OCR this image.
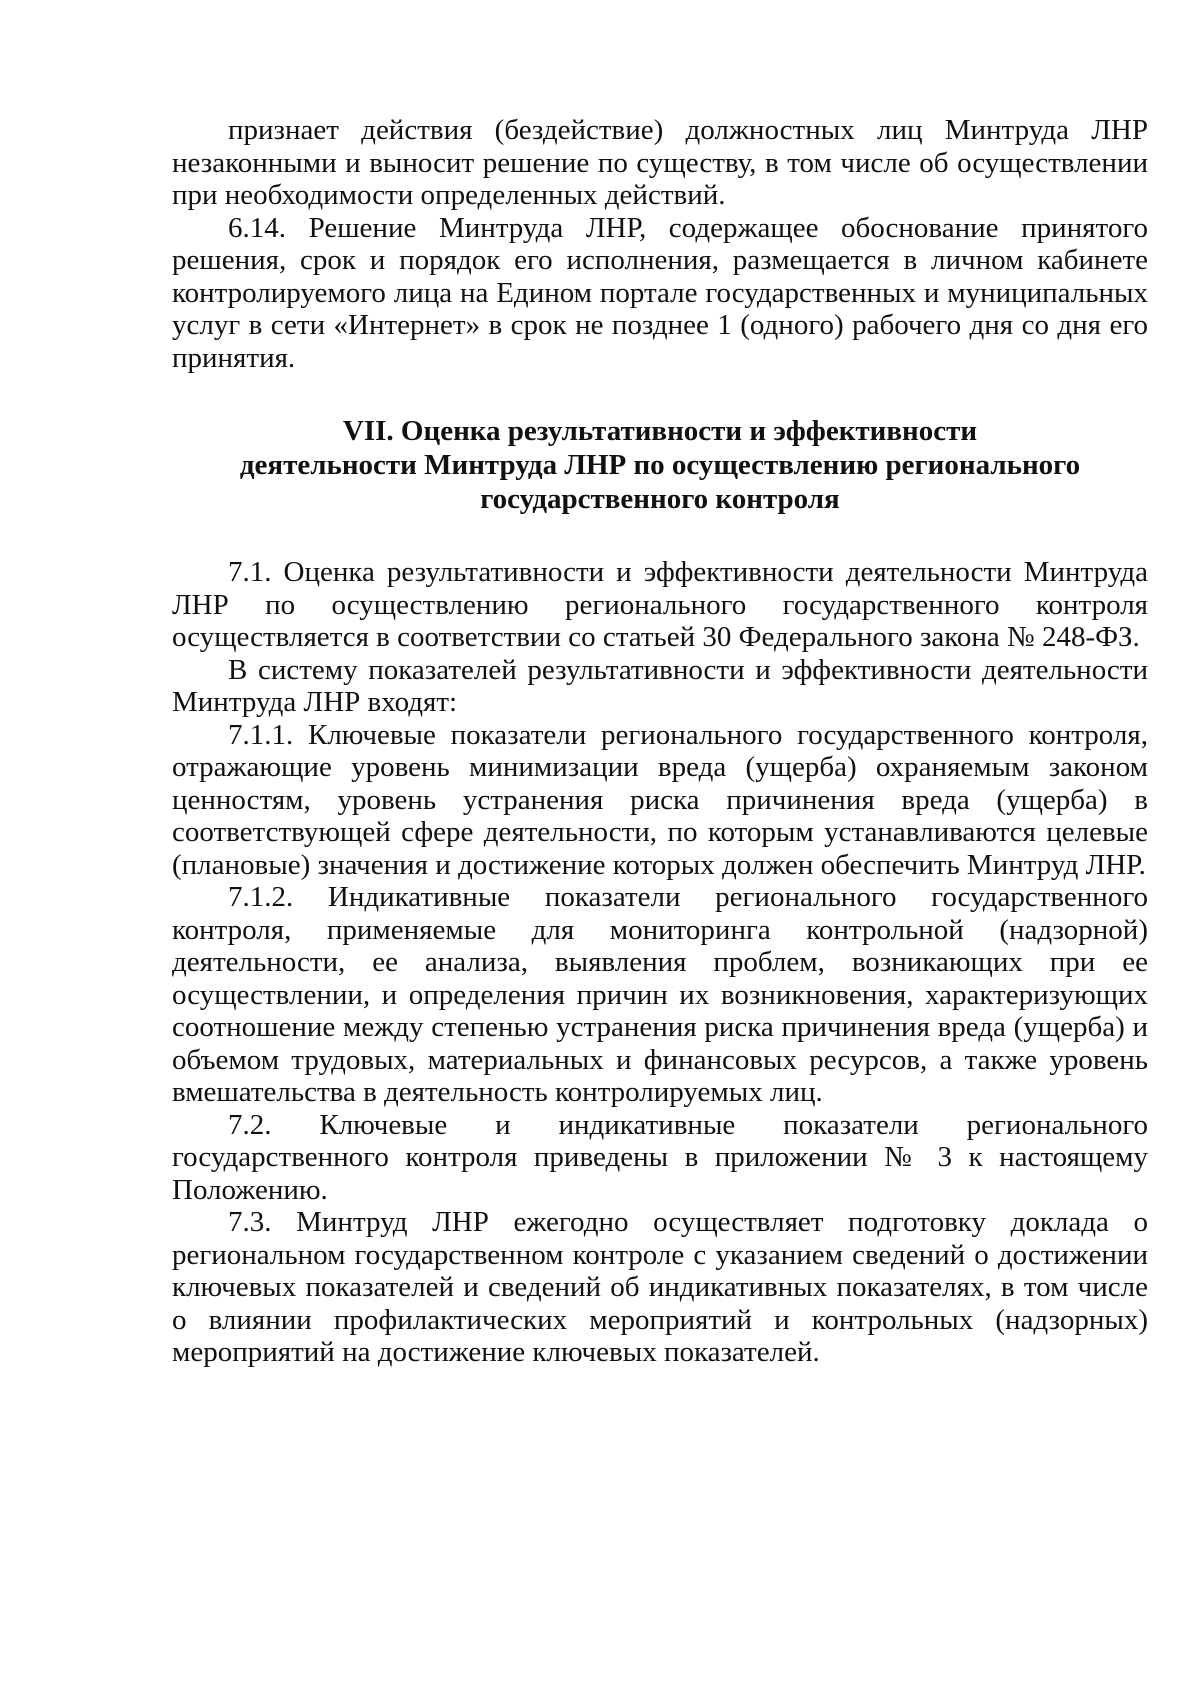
признает действия (бездействие) должностных лиц Минтруда ЛНР незаконными и выносит решение по существу, в том числе об осуществлении при необходимости определенных действий.

6.14. Решение Минтруда ЛНР, содержащее обоснование принятого решения, срок и порядок его исполнения, размещается в личном кабинете контролируемого лица на Едином портале государственных и муниципальных услуг в сети «Интернет» в срок не позднее 1 (одного) рабочего дня со дня его принятия.

VII. Оценка результативности и эффективности
деятельности Минтруда ЛНР по осуществлению регионального
государственного контроля

7.1. Оценка результативности и эффективности деятельности Минтруда ЛНР по осуществлению регионального государственного контроля осуществляется в соответствии со статьей 30 Федерального закона № 248-ФЗ.

В систему показателей результативности и эффективности деятельности Минтруда ЛНР входят:

7.1.1. Ключевые показатели регионального государственного контроля, отражающие уровень минимизации вреда (ущерба) охраняемым законом ценностям, уровень устранения риска причинения вреда (ущерба) в соответствующей сфере деятельности, по которым устанавливаются целевые (плановые) значения и достижение которых должен обеспечить Минтруд ЛНР.

7.1.2. Индикативные показатели регионального государственного контроля, применяемые для мониторинга контрольной (надзорной) деятельности, ее анализа, выявления проблем, возникающих при ее осуществлении, и определения причин их возникновения, характеризующих соотношение между степенью устранения риска причинения вреда (ущерба) и объемом трудовых, материальных и финансовых ресурсов, а также уровень вмешательства в деятельность контролируемых лиц.

7.2. Ключевые и индикативные показатели регионального государственного контроля приведены в приложении № 3 к настоящему Положению.

7.3. Минтруд ЛНР ежегодно осуществляет подготовку доклада о региональном государственном контроле с указанием сведений о достижении ключевых показателей и сведений об индикативных показателях, в том числе о влиянии профилактических мероприятий и контрольных (надзорных) мероприятий на достижение ключевых показателей.
